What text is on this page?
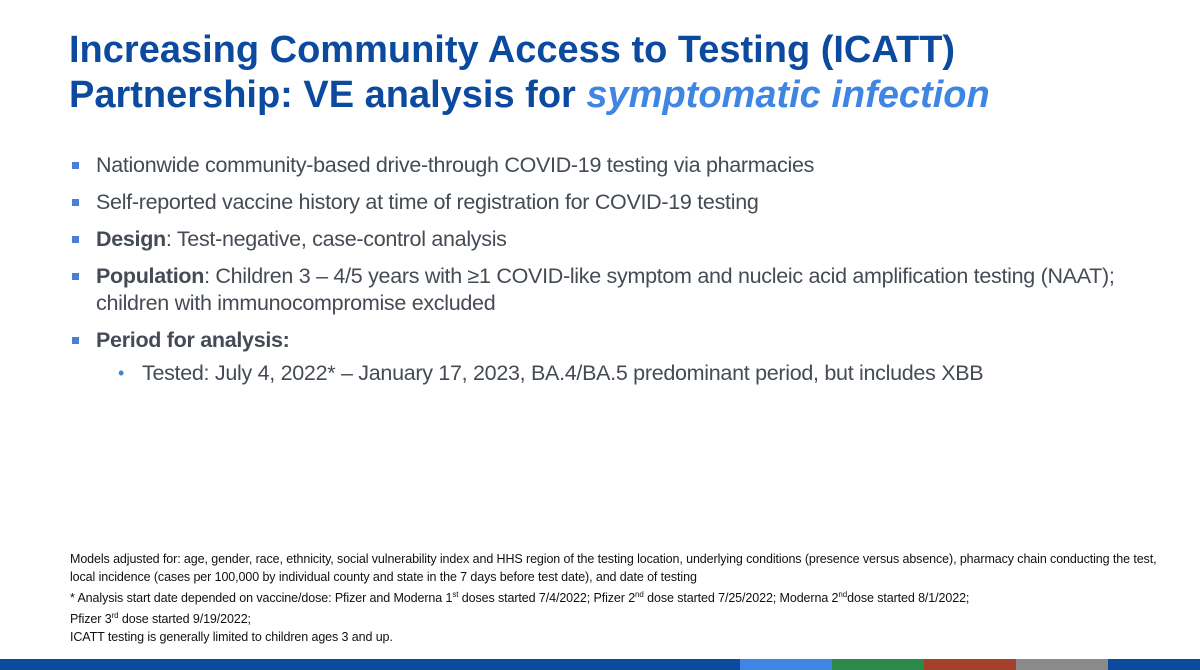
Increasing Community Access to Testing (ICATT)
Partnership: VE analysis for symptomatic infection
Nationwide community-based drive-through COVID-19 testing via pharmacies
Self-reported vaccine history at time of registration for COVID-19 testing
Design: Test-negative, case-control analysis
Population: Children 3 – 4/5 years with ≥1 COVID-like symptom and nucleic acid amplification testing (NAAT); children with immunocompromise excluded
Period for analysis:
• Tested: July 4, 2022* – January 17, 2023, BA.4/BA.5 predominant period, but includes XBB
Models adjusted for: age, gender, race, ethnicity, social vulnerability index and HHS region of the testing location, underlying conditions (presence versus absence), pharmacy chain conducting the test, local incidence (cases per 100,000 by individual county and state in the 7 days before test date), and date of testing
* Analysis start date depended on vaccine/dose: Pfizer and Moderna 1st doses started 7/4/2022; Pfizer 2nd dose started 7/25/2022; Moderna 2nddose started 8/1/2022;
Pfizer 3rd dose started 9/19/2022;
ICATT testing is generally limited to children ages 3 and up.
